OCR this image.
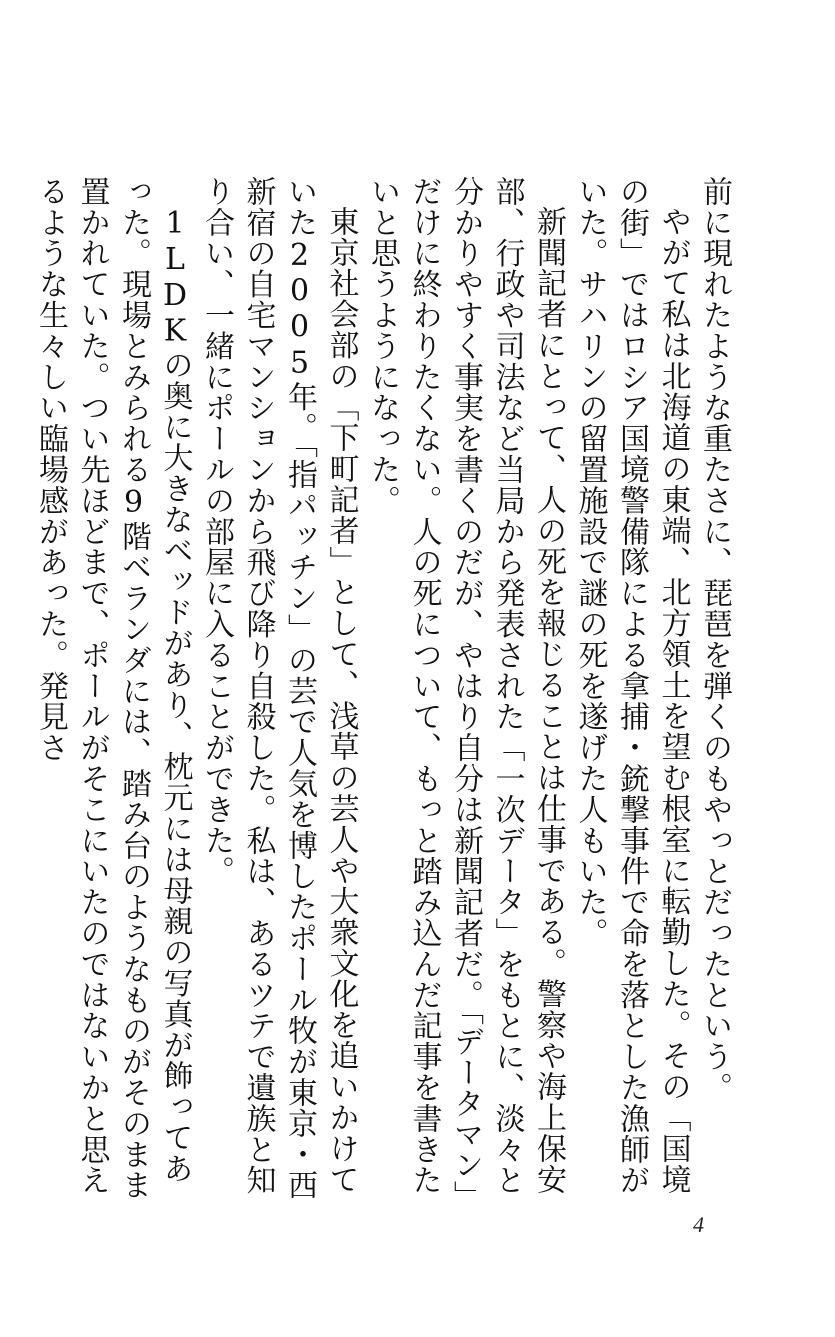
前に現れたような重たさに、琵琶を弾くのもやっとだったという。

やがて私は北海道の東端、北方領土を望む根室に転勤した。その「国境の街」ではロシア国境警備隊による拿捕・銃撃事件で命を落とした漁師がいた。サハリンの留置施設で謎の死を遂げた人もいた。

新聞記者にとって、人の死を報じることは仕事である。警察や海上保安部、行政や司法など当局から発表された「一次データ」をもとに、淡々と分かりやすく事実を書くのだが、やはり自分は新聞記者だ。「データマン」だけに終わりたくない。人の死について、もっと踏み込んだ記事を書きたいと思うようになった。

東京社会部の「下町記者」として、浅草の芸人や大衆文化を追いかけていた2005年。「指パッチン」の芸で人気を博したポール牧が東京・西新宿の自宅マンションから飛び降り自殺した。私は、あるツテで遺族と知り合い、一緒にポールの部屋に入ることができた。

1LDKの奥に大きなベッドがあり、枕元には母親の写真が飾ってあった。現場とみられる9階ベランダには、踏み台のようなものがそのまま置かれていた。つい先ほどまで、ポールがそこにいたのではないかと思えるような生々しい臨場感があった。発見さ

4
